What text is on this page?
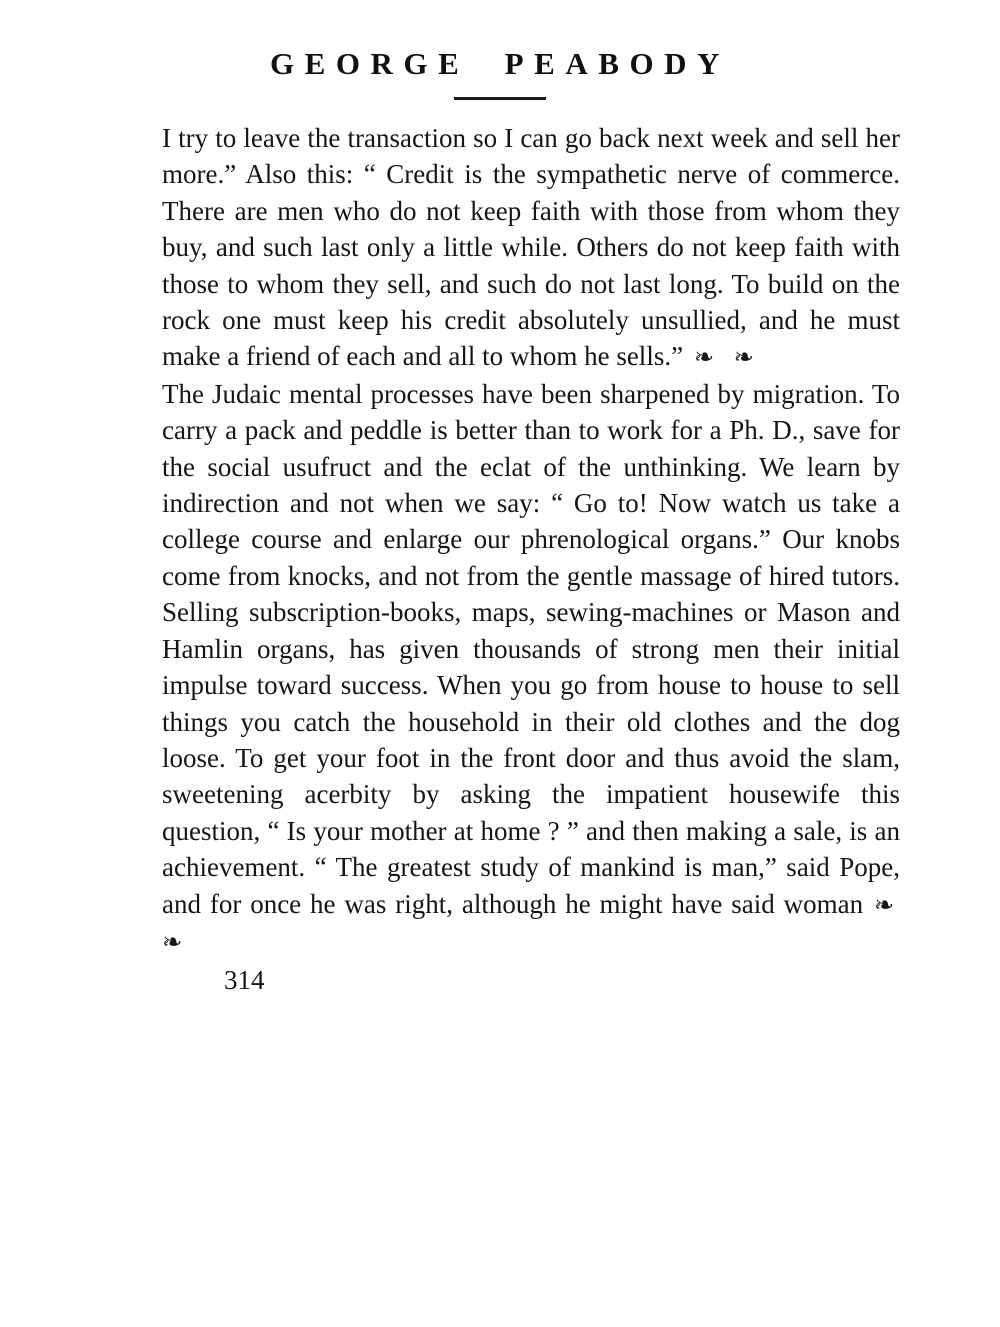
GEORGE PEABODY

I try to leave the transaction so I can go back next week and sell her more.” Also this: “ Credit is the sympathetic nerve of commerce. There are men who do not keep faith with those from whom they buy, and such last only a little while. Others do not keep faith with those to whom they sell, and such do not last long. To build on the rock one must keep his credit absolutely unsullied, and he must make a friend of each and all to whom he sells.” ❧ ❧

The Judaic mental processes have been sharpened by migration. To carry a pack and peddle is better than to work for a Ph. D., save for the social usufruct and the eclat of the unthinking. We learn by indirection and not when we say: “ Go to! Now watch us take a college course and enlarge our phrenological organs.” Our knobs come from knocks, and not from the gentle massage of hired tutors. Selling subscription-books, maps, sewing-machines or Mason and Hamlin organs, has given thousands of strong men their initial impulse toward success. When you go from house to house to sell things you catch the household in their old clothes and the dog loose. To get your foot in the front door and thus avoid the slam, sweetening acerbity by asking the impatient housewife this question, “ Is your mother at home ? ” and then making a sale, is an achievement. “ The greatest study of mankind is man,” said Pope, and for once he was right, although he might have said woman ❧ ❧

314
